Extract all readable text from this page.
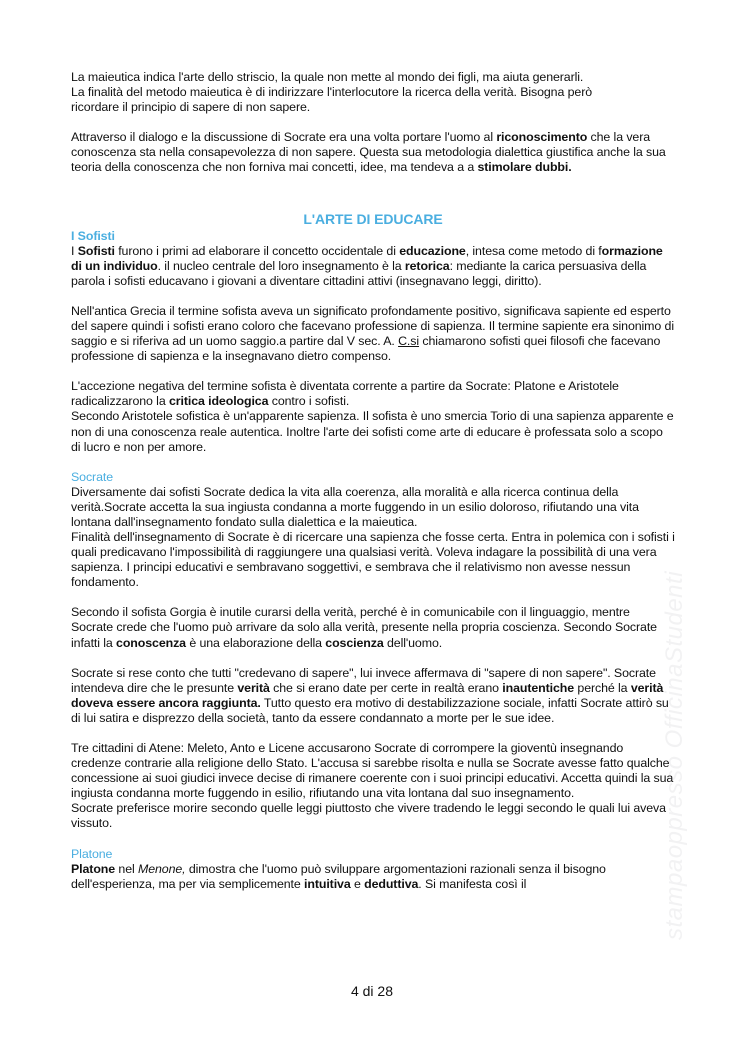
La maieutica indica l'arte dello striscio, la quale non mette al mondo dei figli, ma aiuta generarli.
La finalità del metodo maieutica è di indirizzare l'interlocutore la ricerca della verità. Bisogna però
ricordare il principio di sapere di non sapere.

Attraverso il dialogo e la discussione di Socrate era una volta portare l'uomo al riconoscimento che la vera conoscenza sta nella consapevolezza di non sapere. Questa sua metodologia dialettica giustifica anche la sua teoria della conoscenza che non forniva mai concetti, idee, ma tendeva a a stimolare dubbi.

L'ARTE DI EDUCARE
I Sofisti

I Sofisti furono i primi ad elaborare il concetto occidentale di educazione, intesa come metodo di formazione di un individuo. il nucleo centrale del loro insegnamento è la retorica: mediante la carica persuasiva della parola i sofisti educavano i giovani a diventare cittadini attivi (insegnavano leggi, diritto).

Nell'antica Grecia il termine sofista aveva un significato profondamente positivo, significava sapiente ed esperto del sapere quindi i sofisti erano coloro che facevano professione di sapienza. Il termine sapiente era sinonimo di saggio e si riferiva ad un uomo saggio.a partire dal V sec. A. C.si chiamarono sofisti quei filosofi che facevano professione di sapienza e la insegnavano dietro compenso.

L'accezione negativa del termine sofista è diventata corrente a partire da Socrate: Platone e Aristotele radicalizzarono la critica ideologica contro i sofisti.
Secondo Aristotele sofistica è un'apparente sapienza. Il sofista è uno smercia Torio di una sapienza apparente e non di una conoscenza reale autentica. Inoltre l'arte dei sofisti come arte di educare è professata solo a scopo di lucro e non per amore.

Socrate

Diversamente dai sofisti Socrate dedica la vita alla coerenza, alla moralità e alla ricerca continua della verità.Socrate accetta la sua ingiusta condanna a morte fuggendo in un esilio doloroso, rifiutando una vita lontana dall'insegnamento fondato sulla dialettica e la maieutica.
Finalità dell'insegnamento di Socrate è di ricercare una sapienza che fosse certa. Entra in polemica con i sofisti i quali predicavano l'impossibilità di raggiungere una qualsiasi verità. Voleva indagare la possibilità di una vera sapienza. I principi educativi e sembravano soggettivi, e sembrava che il relativismo non avesse nessun fondamento.

Secondo il sofista Gorgia è inutile curarsi della verità, perché è in comunicabile con il linguaggio, mentre Socrate crede che l'uomo può arrivare da solo alla verità, presente nella propria coscienza. Secondo Socrate infatti la conoscenza è una elaborazione della coscienza dell'uomo.

Socrate si rese conto che tutti "credevano di sapere", lui invece affermava di "sapere di non sapere". Socrate intendeva dire che le presunte verità che si erano date per certe in realtà erano inautentiche perché la verità doveva essere ancora raggiunta. Tutto questo era motivo di destabilizzazione sociale, infatti Socrate attirò su di lui satira e disprezzo della società, tanto da essere condannato a morte per le sue idee.

Tre cittadini di Atene: Meleto, Anto e Licene accusarono Socrate di corrompere la gioventù insegnando credenze contrarie alla religione dello Stato. L'accusa si sarebbe risolta e nulla se Socrate avesse fatto qualche concessione ai suoi giudici invece decise di rimanere coerente con i suoi principi educativi. Accetta quindi la sua ingiusta condanna morte fuggendo in esilio, rifiutando una vita lontana dal suo insegnamento.
Socrate preferisce morire secondo quelle leggi piuttosto che vivere tradendo le leggi secondo le quali lui aveva vissuto.

Platone

Platone nel Menone, dimostra che l'uomo può sviluppare argomentazioni razionali senza il bisogno dell'esperienza, ma per via semplicemente intuitiva e deduttiva. Si manifesta così il	stampaoppresso OfficinaStudenti
4 di 28
